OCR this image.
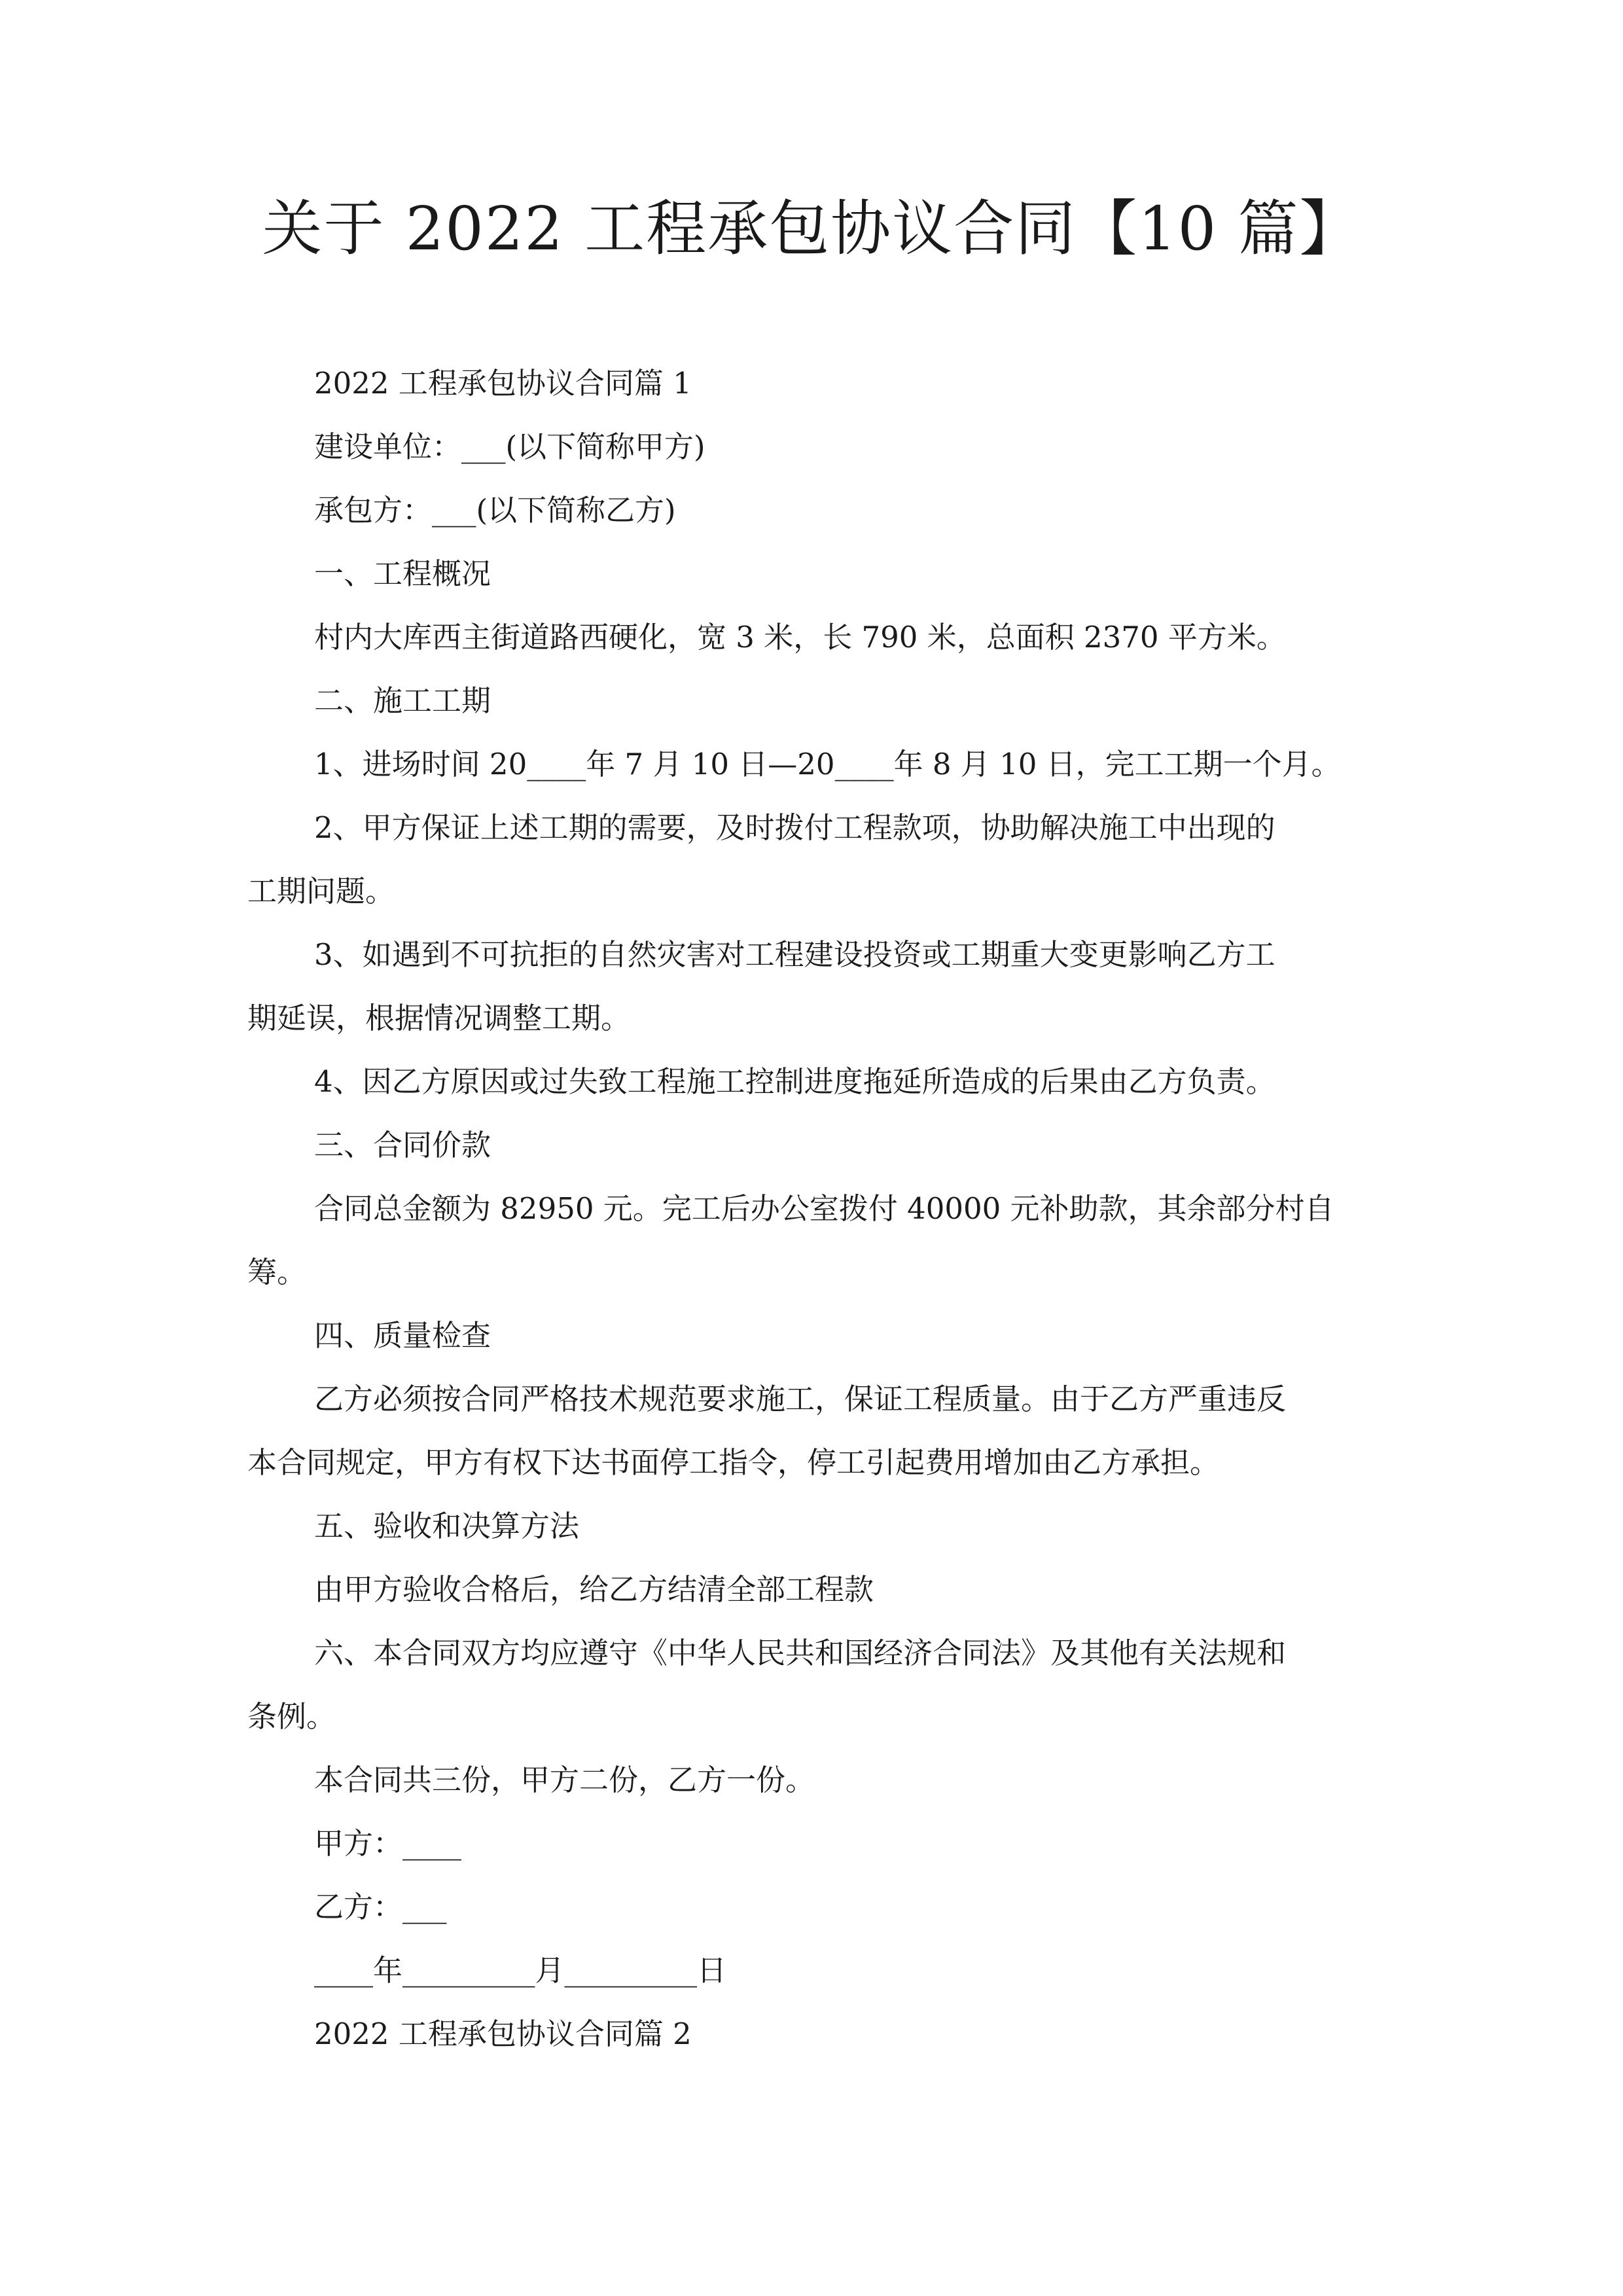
关于 2022 工程承包协议合同【10 篇】
2022 工程承包协议合同篇 1
建设单位：___(以下简称甲方)
承包方：___(以下简称乙方)
一、工程概况
村内大库西主街道路西硬化，宽 3 米，长 790 米，总面积 2370 平方米。
二、施工工期
1、进场时间 20____年 7 月 10 日—20____年 8 月 10 日，完工工期一个月。
2、甲方保证上述工期的需要，及时拨付工程款项，协助解决施工中出现的
工期问题。
3、如遇到不可抗拒的自然灾害对工程建设投资或工期重大变更影响乙方工
期延误，根据情况调整工期。
4、因乙方原因或过失致工程施工控制进度拖延所造成的后果由乙方负责。
三、合同价款
合同总金额为 82950 元。完工后办公室拨付 40000 元补助款，其余部分村自
筹。
四、质量检查
乙方必须按合同严格技术规范要求施工，保证工程质量。由于乙方严重违反
本合同规定，甲方有权下达书面停工指令，停工引起费用增加由乙方承担。
五、验收和决算方法
由甲方验收合格后，给乙方结清全部工程款
六、本合同双方均应遵守《中华人民共和国经济合同法》及其他有关法规和
条例。
本合同共三份，甲方二份，乙方一份。
甲方：____
乙方：___
____年_________月_________日
2022 工程承包协议合同篇 2
